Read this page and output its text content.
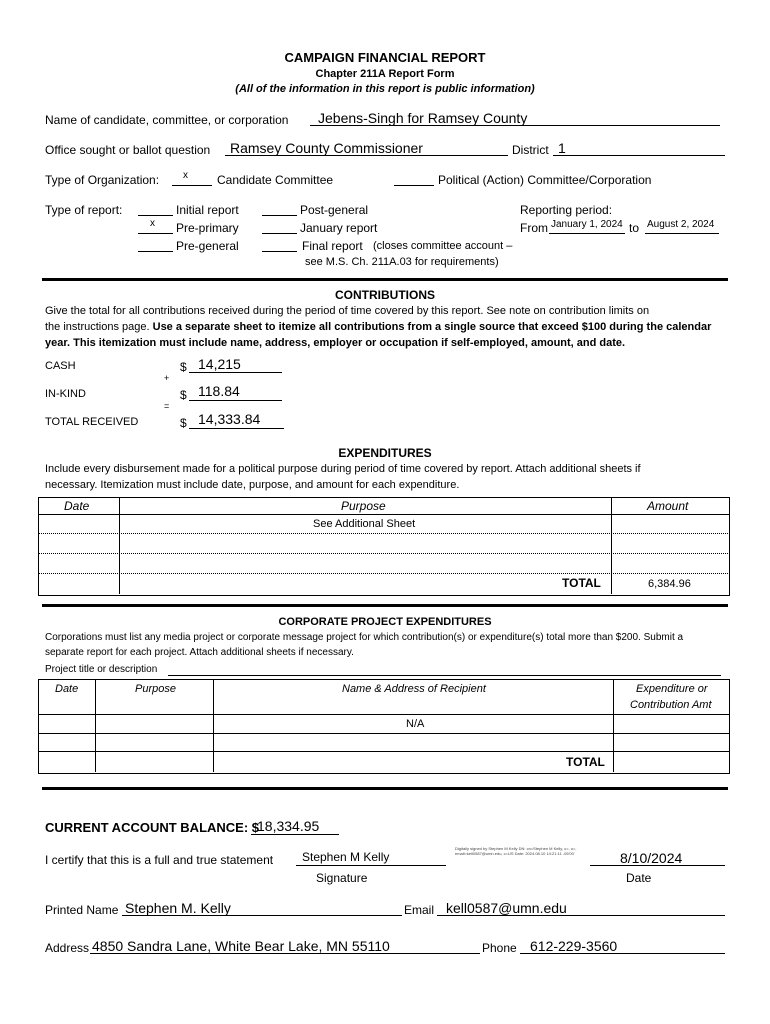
CAMPAIGN FINANCIAL REPORT
Chapter 211A Report Form
(All of the information in this report is public information)
Name of candidate, committee, or corporation Jebens-Singh for Ramsey County
Office sought or ballot question Ramsey County Commissioner	District 1
Type of Organization: x Candidate Committee	Political (Action) Committee/Corporation
Type of report:	Initial report
x Pre-primary
Pre-general
Post-general
January report
Final report (closes committee account –
see M.S. Ch. 211A.03 for requirements)
Reporting period:
From January 1, 2024 to August 2, 2024
CONTRIBUTIONS
Give the total for all contributions received during the period of time covered by this report. See note on contribution limits on
the instructions page. Use a separate sheet to itemize all contributions from a single source that exceed $100 during the calendar
year. This itemization must include name, address, employer or occupation if self-employed, amount, and date.
CASH	$ 14,215
+
IN-KIND	$ 118.84
=
TOTAL RECEIVED	$ 14,333.84
EXPENDITURES
Include every disbursement made for a political purpose during period of time covered by report. Attach additional sheets if
necessary. Itemization must include date, purpose, and amount for each expenditure.
Date	Purpose	Amount
See Additional Sheet
TOTAL	6,384.96
CORPORATE PROJECT EXPENDITURES
Corporations must list any media project or corporate message project for which contribution(s) or expenditure(s) total more than $200. Submit a
separate report for each project. Attach additional sheets if necessary.
Project title or description
Date	Purpose	Name & Address of Recipient	Expenditure or
Contribution Amt
N/A
TOTAL
CURRENT ACCOUNT BALANCE: $
18,334.95
I certify that this is a full and true statement Stephen M Kelly
Signature
Digitally signed by Stephen M Kelly DN: cn=Stephen M Kelly, c=, o=, email=kell0587@umn.edu, c=US Date: 2024.08.10 14:21:11 -05'00'	8/10/2024
Date
Printed Name Stephen M. Kelly	Email kell0587@umn.edu
Address 4850 Sandra Lane, White Bear Lake, MN 55110	Phone 612-229-3560
